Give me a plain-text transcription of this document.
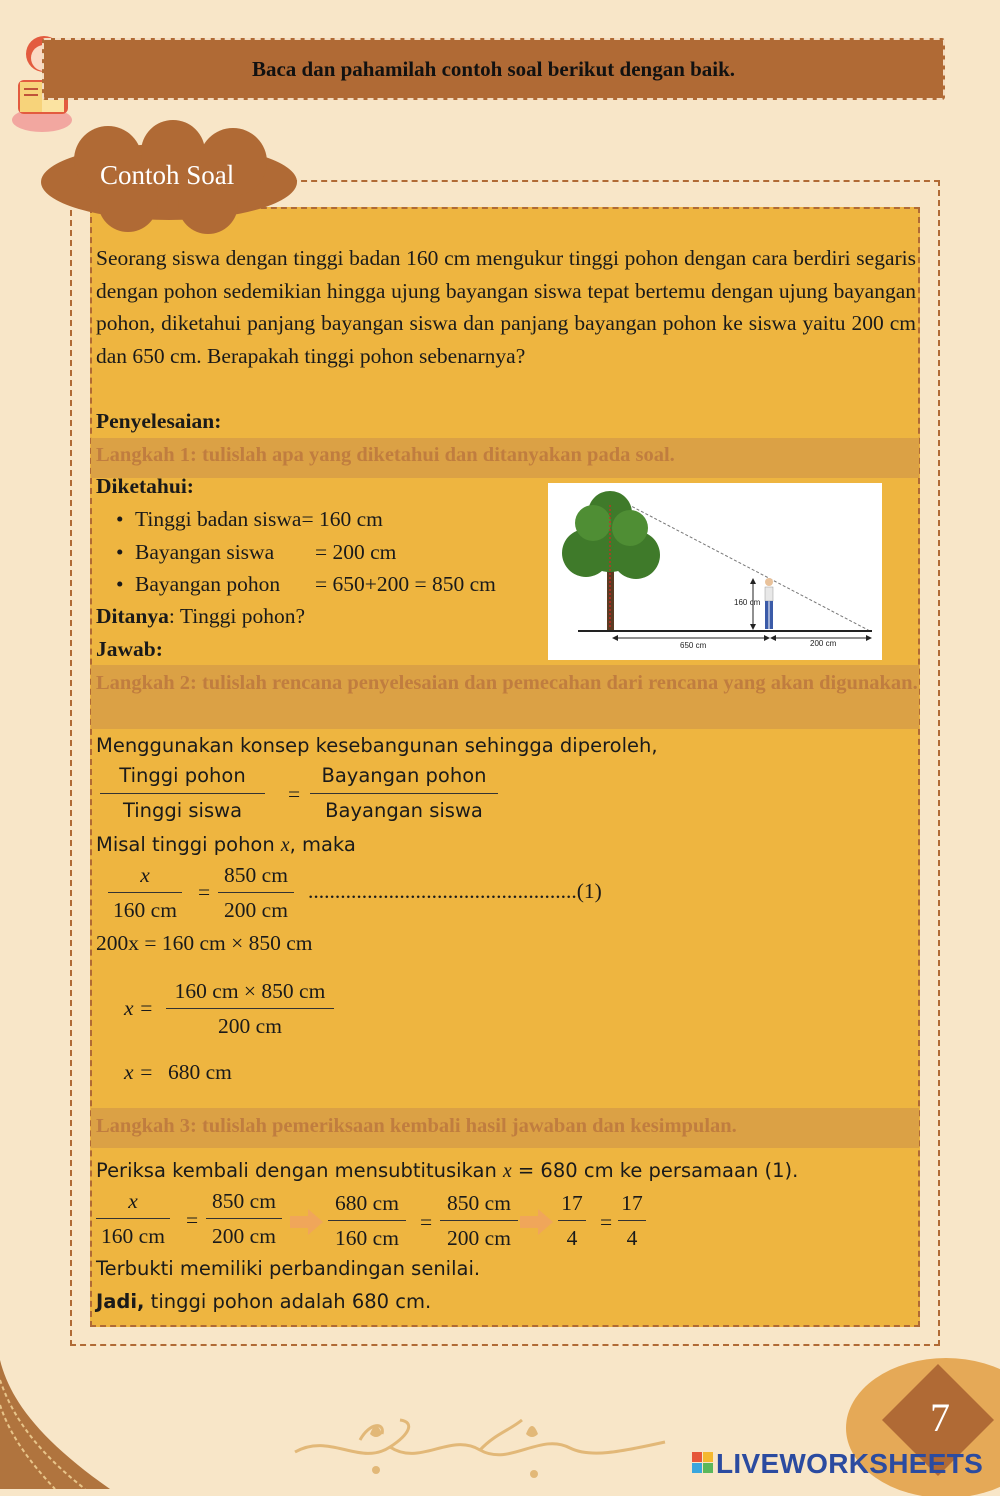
Baca dan pahamilah contoh soal berikut dengan baik.
Contoh Soal
Seorang siswa dengan tinggi badan 160 cm mengukur tinggi pohon dengan cara berdiri segaris dengan pohon sedemikian hingga ujung bayangan siswa tepat bertemu dengan ujung bayangan pohon, diketahui panjang bayangan siswa dan panjang bayangan pohon ke siswa yaitu 200 cm dan 650 cm. Berapakah tinggi pohon sebenarnya?
Penyelesaian:
Langkah 1: tulislah apa yang diketahui dan ditanyakan pada soal.
Diketahui:
• Tinggi badan siswa= 160 cm
• Bayangan siswa = 200 cm
• Bayangan pohon = 650+200 = 850 cm
Ditanya: Tinggi pohon?
Jawab:
160 cm
650 cm	200 cm
Langkah 2: tulislah rencana penyelesaian dan pemecahan dari rencana yang akan digunakan.
Menggunakan konsep kesebangunan sehingga diperoleh,
Tinggi pohon
Tinggi siswa
=
Bayangan pohon
Bayangan siswa
Misal tinggi pohon x, maka
$\frac{x}{160 cm} = \frac{850 cm}{200 cm} ..................................................(1)$
200x = 160 cm × 850 cm
$x = \frac{160 cm \times 850 cm}{200 cm}$
x = 680 cm
Langkah 3: tulislah pemeriksaan kembali hasil jawaban dan kesimpulan.
Periksa kembali dengan mensubtitusikan x = 680 cm ke persamaan (1).
$\frac{x}{160 cm} = \frac{850 cm}{200 cm} \frac{680 cm}{160 cm} = \frac{850 cm}{200 cm} \frac{17}{4} = \frac{17}{4}$
Terbukti memiliki perbandingan senilai.
Jadi, tinggi pohon adalah 680 cm.
7
LIVEWORKSHEETS
